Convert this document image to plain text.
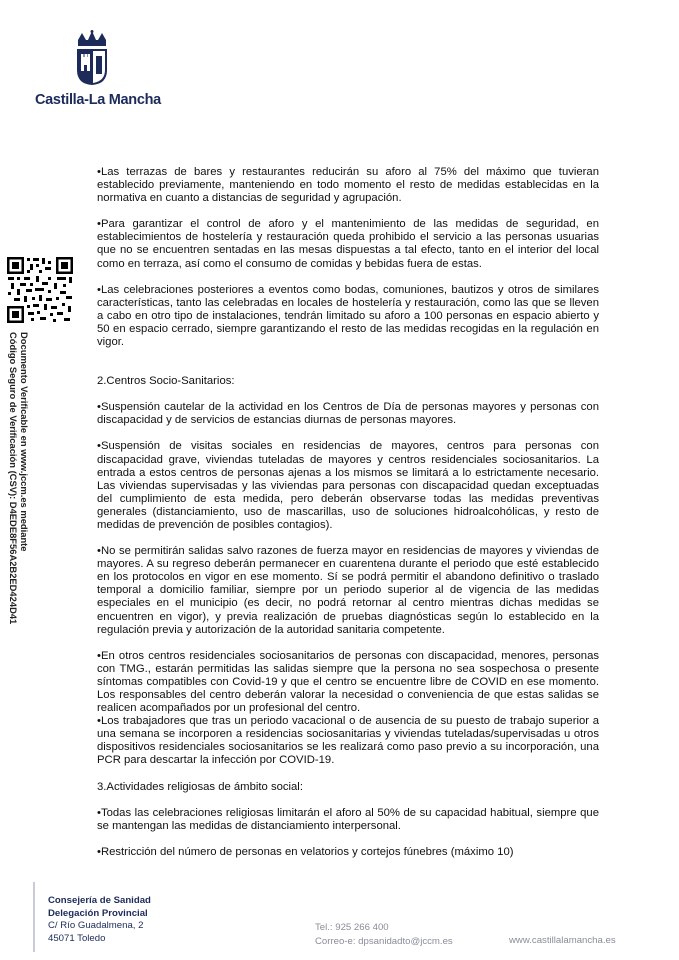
Castilla-La Mancha
Documento Verificable en www.jccm.es mediante
Código Seguro de Verificación (CSV): D4EDE8F56A2B2ED424D41

•Las terrazas de bares y restaurantes reducirán su aforo al 75% del máximo que tuvieran establecido previamente, manteniendo en todo momento el resto de medidas establecidas en la normativa en cuanto a distancias de seguridad y agrupación.

•Para garantizar el control de aforo y el mantenimiento de las medidas de seguridad, en establecimientos de hostelería y restauración queda prohibido el servicio a las personas usuarias que no se encuentren sentadas en las mesas dispuestas a tal efecto, tanto en el interior del local como en terraza, así como el consumo de comidas y bebidas fuera de estas.

•Las celebraciones posteriores a eventos como bodas, comuniones, bautizos y otros de similares características, tanto las celebradas en locales de hostelería y restauración, como las que se lleven a cabo en otro tipo de instalaciones, tendrán limitado su aforo a 100 personas en espacio abierto y 50 en espacio cerrado, siempre garantizando el resto de las medidas recogidas en la regulación en vigor.

2.Centros Socio-Sanitarios:

•Suspensión cautelar de la actividad en los Centros de Día de personas mayores y personas con discapacidad y de servicios de estancias diurnas de personas mayores.

•Suspensión de visitas sociales en residencias de mayores, centros para personas con discapacidad grave, viviendas tuteladas de mayores y centros residenciales sociosanitarios. La entrada a estos centros de personas ajenas a los mismos se limitará a lo estrictamente necesario. Las viviendas supervisadas y las viviendas para personas con discapacidad quedan exceptuadas del cumplimiento de esta medida, pero deberán observarse todas las medidas preventivas generales (distanciamiento, uso de mascarillas, uso de soluciones hidroalcohólicas, y resto de medidas de prevención de posibles contagios).

•No se permitirán salidas salvo razones de fuerza mayor en residencias de mayores y viviendas de mayores. A su regreso deberán permanecer en cuarentena durante el periodo que esté establecido en los protocolos en vigor en ese momento. Sí se podrá permitir el abandono definitivo o traslado temporal a domicilio familiar, siempre por un periodo superior al de vigencia de las medidas especiales en el municipio (es decir, no podrá retornar al centro mientras dichas medidas se encuentren en vigor), y previa realización de pruebas diagnósticas según lo establecido en la regulación previa y autorización de la autoridad sanitaria competente.

•En otros centros residenciales sociosanitarios de personas con discapacidad, menores, personas con TMG., estarán permitidas las salidas siempre que la persona no sea sospechosa o presente síntomas compatibles con Covid-19 y que el centro se encuentre libre de COVID en ese momento. Los responsables del centro deberán valorar la necesidad o conveniencia de que estas salidas se realicen acompañados por un profesional del centro.

•Los trabajadores que tras un periodo vacacional o de ausencia de su puesto de trabajo superior a una semana se incorporen a residencias sociosanitarias y viviendas tuteladas/supervisadas u otros dispositivos residenciales sociosanitarios se les realizará como paso previo a su incorporación, una PCR para descartar la infección por COVID-19.

3.Actividades religiosas de ámbito social:

•Todas las celebraciones religiosas limitarán el aforo al 50% de su capacidad habitual, siempre que se mantengan las medidas de distanciamiento interpersonal.

•Restricción del número de personas en velatorios y cortejos fúnebres (máximo 10)

Consejería de Sanidad
Delegación Provincial
C/ Río Guadalmena, 2
45071 Toledo
Tel.: 925 266 400
Correo-e: dpsanidadto@jccm.es	www.castillalamancha.es
